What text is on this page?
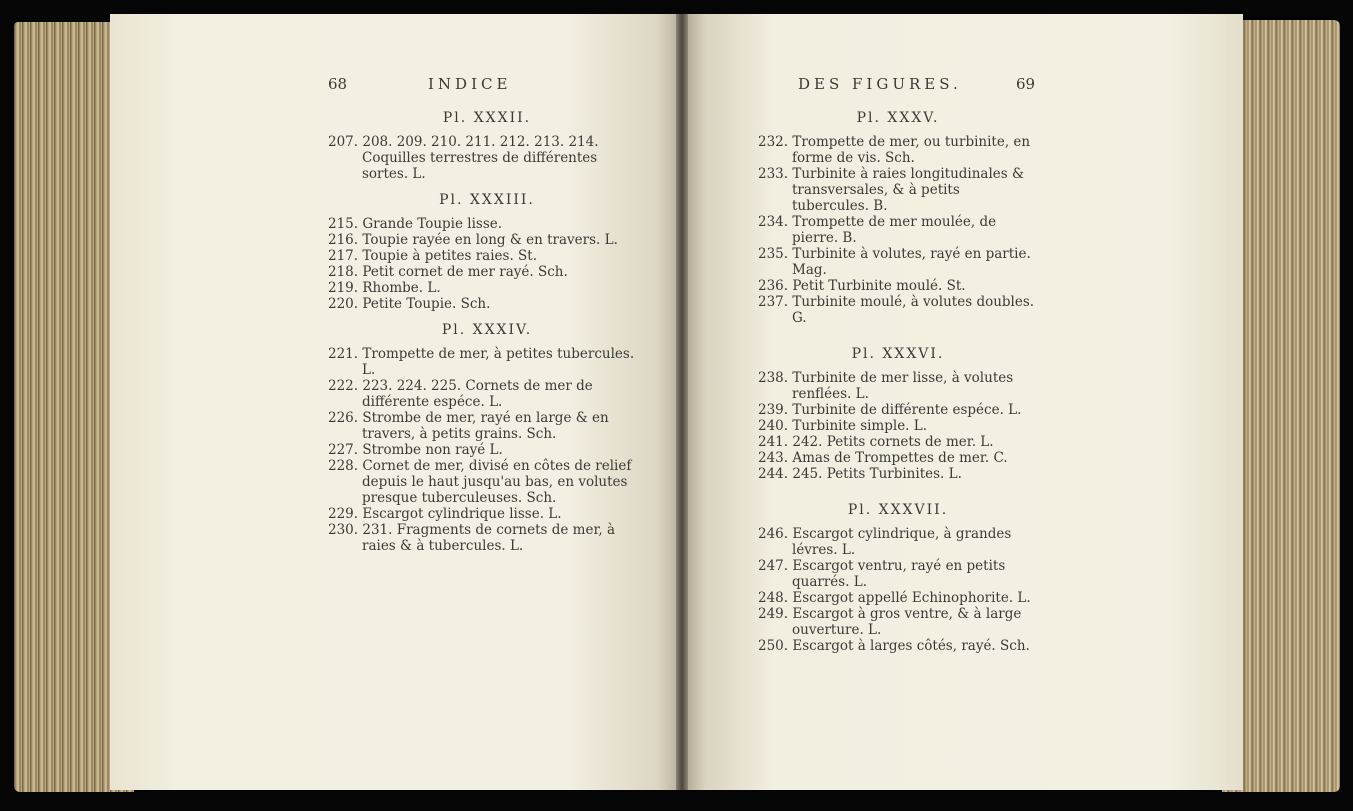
68	INDICE
Pl. XXXII.

207. 208. 209. 210. 211. 212. 213. 214. Coquilles terrestres de différentes sortes. L.

Pl. XXXIII.

215. Grande Toupie lisse.

216. Toupie rayée en long & en travers. L.

217. Toupie à petites raies. St.

218. Petit cornet de mer rayé. Sch.

219. Rhombe. L.

220. Petite Toupie. Sch.

Pl. XXXIV.

221. Trompette de mer, à petites tubercules. L.

222. 223. 224. 225. Cornets de mer de différente espéce. L.

226. Strombe de mer, rayé en large & en travers, à petits grains. Sch.

227. Strombe non rayé L.

228. Cornet de mer, divisé en côtes de relief depuis le haut jusqu'au bas, en volutes presque tuberculeuses. Sch.

229. Escargot cylindrique lisse. L.

230. 231. Fragments de cornets de mer, à raies & à tubercules. L.

DES FIGURES.	69
Pl. XXXV.

232. Trompette de mer, ou turbinite, en forme de vis. Sch.

233. Turbinite à raies longitudinales & transversales, & à petits tubercules. B.

234. Trompette de mer moulée, de pierre. B.

235. Turbinite à volutes, rayé en partie. Mag.

236. Petit Turbinite moulé. St.

237. Turbinite moulé, à volutes doubles. G.

Pl. XXXVI.

238. Turbinite de mer lisse, à volutes renflées. L.

239. Turbinite de différente espéce. L.

240. Turbinite simple. L.

241. 242. Petits cornets de mer. L.

243. Amas de Trompettes de mer. C.

244. 245. Petits Turbinites. L.

Pl. XXXVII.

246. Escargot cylindrique, à grandes lévres. L.

247. Escargot ventru, rayé en petits quarrés. L.

248. Escargot appellé Echinophorite. L.

249. Escargot à gros ventre, & à large ouverture. L.

250. Escargot à larges côtés, rayé. Sch.
